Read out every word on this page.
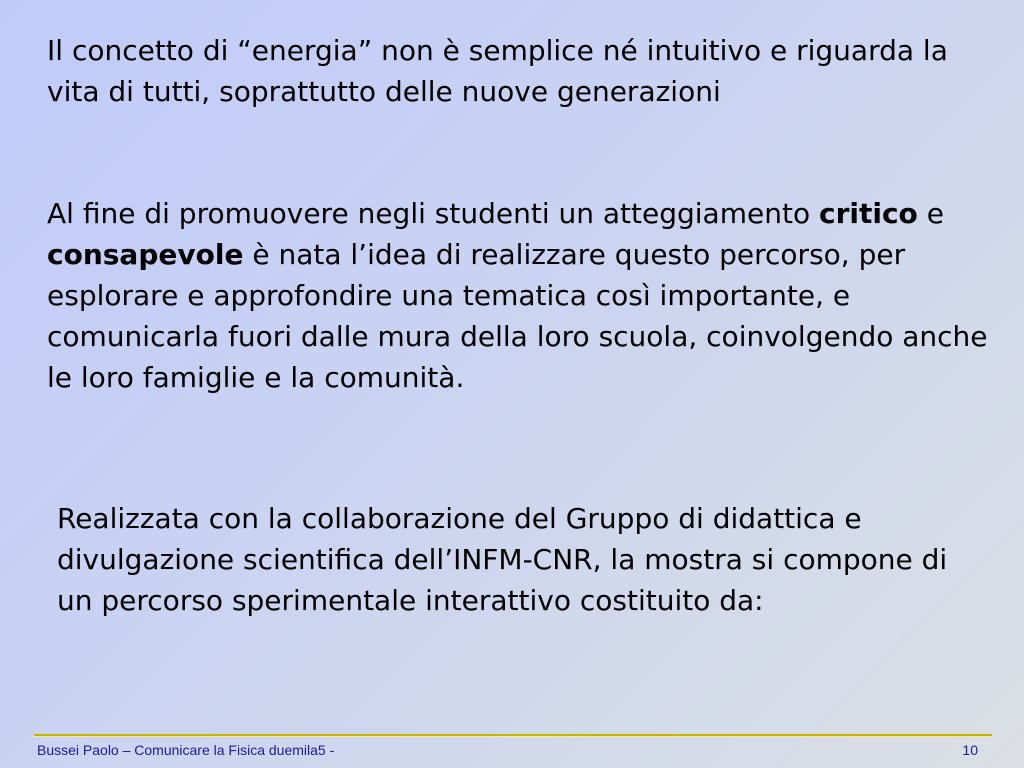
Il concetto di “energia” non è semplice né intuitivo e riguarda la vita di tutti, soprattutto delle nuove generazioni

Al fine di promuovere negli studenti un atteggiamento critico e consapevole è nata l’idea di realizzare questo percorso, per esplorare e approfondire una tematica così importante, e comunicarla fuori dalle mura della loro scuola, coinvolgendo anche le loro famiglie e la comunità.

Realizzata con la collaborazione del Gruppo di didattica e divulgazione scientifica dell’INFM-CNR, la mostra si compone di un percorso sperimentale interattivo costituito da:

Bussei Paolo – Comunicare la Fisica duemila5 -	10
